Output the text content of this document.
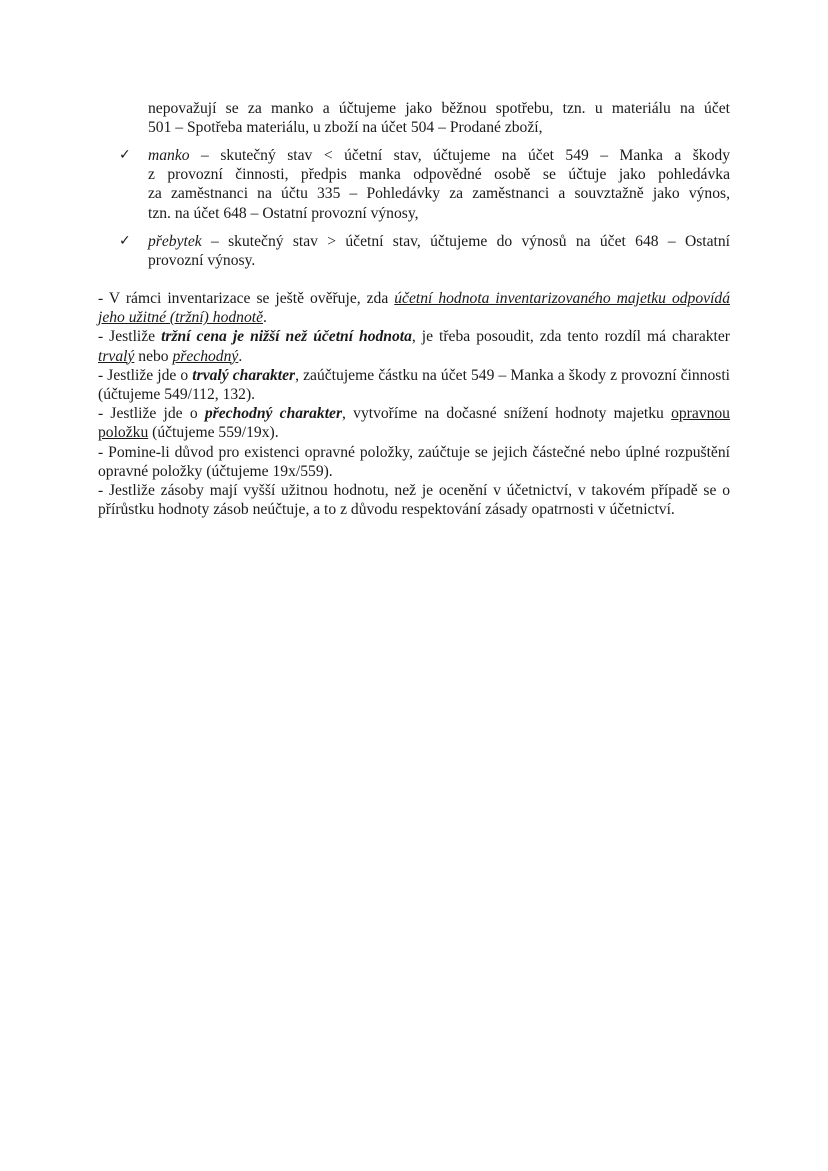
nepovažují se za manko a účtujeme jako běžnou spotřebu, tzn. u materiálu na účet
501 – Spotřeba materiálu, u zboží na účet 504 – Prodané zboží,
✓ manko – skutečný stav < účetní stav, účtujeme na účet 549 – Manka a škody
z provozní činnosti, předpis manka odpovědné osobě se účtuje jako pohledávka
za zaměstnanci na účtu 335 – Pohledávky za zaměstnanci a souvztažně jako výnos,
tzn. na účet 648 – Ostatní provozní výnosy,
✓ přebytek – skutečný stav > účetní stav, účtujeme do výnosů na účet 648 – Ostatní
provozní výnosy.

- V rámci inventarizace se ještě ověřuje, zda účetní hodnota inventarizovaného majetku odpovídá jeho užitné (tržní) hodnotě.

- Jestliže tržní cena je nižší než účetní hodnota, je třeba posoudit, zda tento rozdíl má charakter trvalý nebo přechodný.

- Jestliže jde o trvalý charakter, zaúčtujeme částku na účet 549 – Manka a škody z provozní činnosti (účtujeme 549/112, 132).

- Jestliže jde o přechodný charakter, vytvoříme na dočasné snížení hodnoty majetku opravnou položku (účtujeme 559/19x).

- Pomine-li důvod pro existenci opravné položky, zaúčtuje se jejich částečné nebo úplné rozpuštění opravné položky (účtujeme 19x/559).

- Jestliže zásoby mají vyšší užitnou hodnotu, než je ocenění v účetnictví, v takovém případě se o přírůstku hodnoty zásob neúčtuje, a to z důvodu respektování zásady opatrnosti v účetnictví.
